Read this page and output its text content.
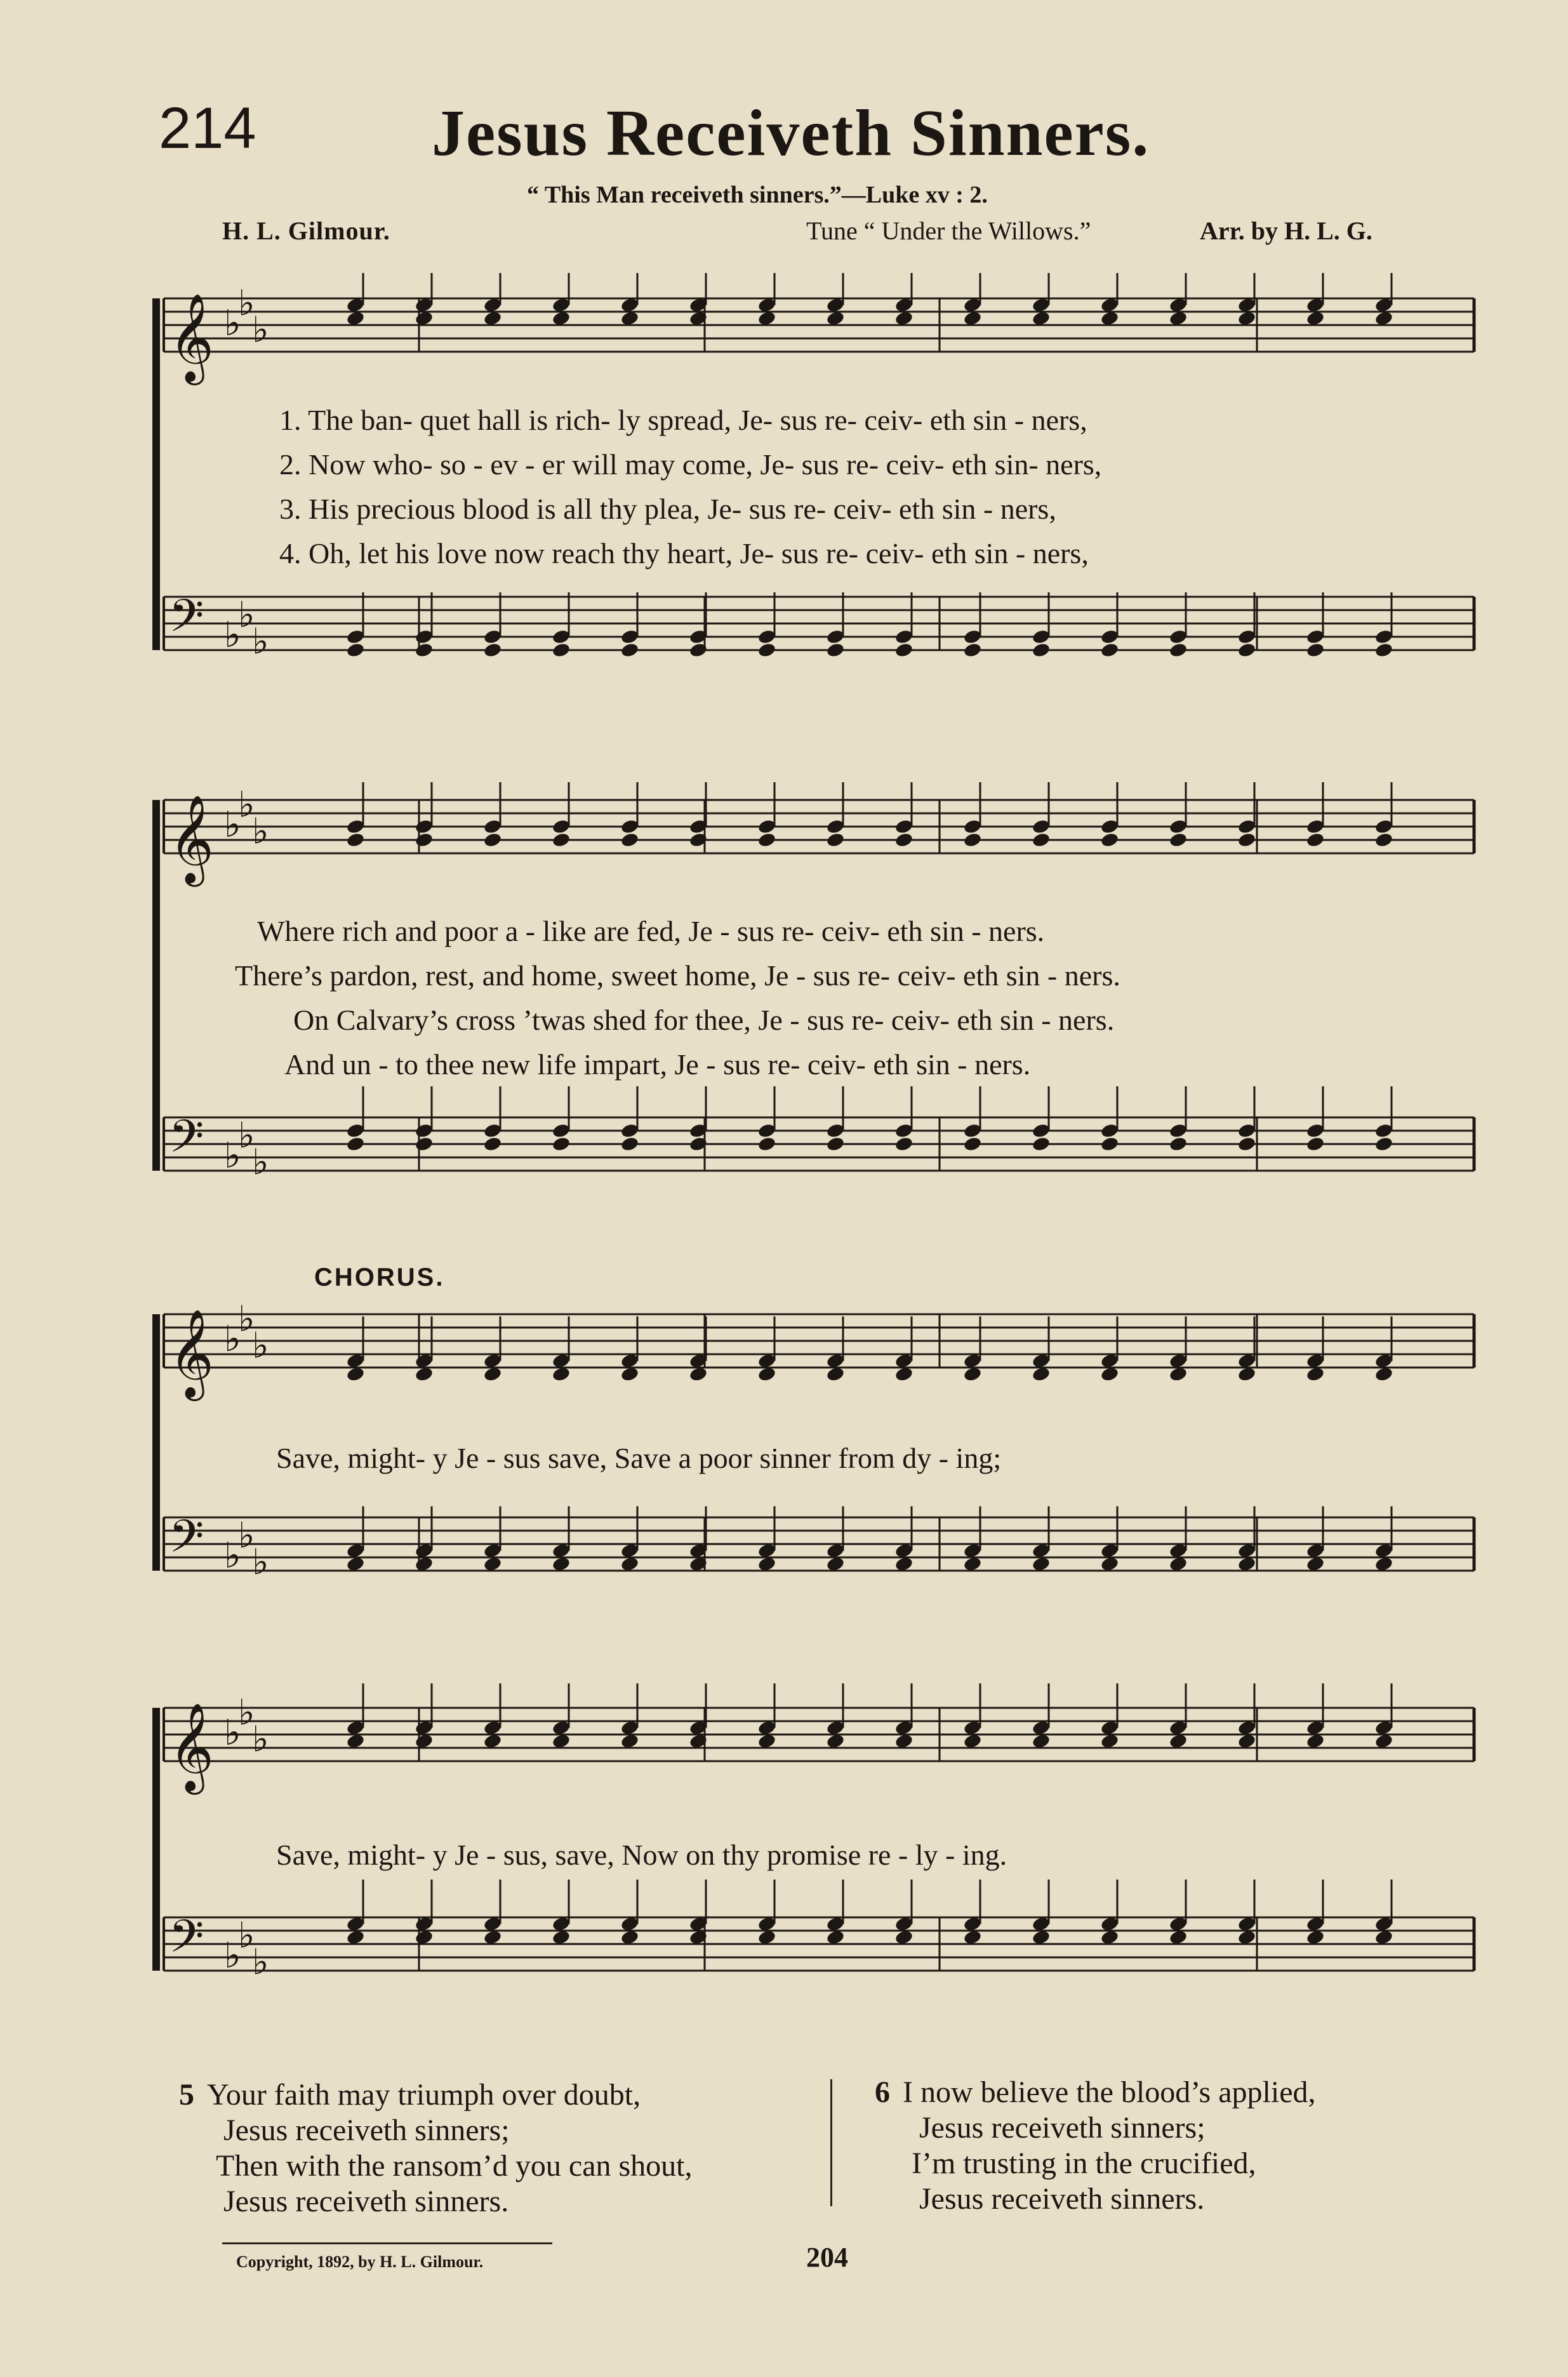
214	Jesus Receiveth Sinners.
“ This Man receiveth sinners.”—Luke xv : 2.
H. L. Gilmour.	Tune “ Under the Willows.”	Arr. by H. L. G.
𝄞 ♭
♭
♭
𝄢 ♭
♭
♭
1. The ban- quet hall is rich- ly spread, Je- sus re- ceiv- eth sin - ners,
2. Now who- so - ev - er will may come, Je- sus re- ceiv- eth sin- ners,
3. His precious blood is all thy plea, Je- sus re- ceiv- eth sin - ners,
4. Oh, let his love now reach thy heart, Je- sus re- ceiv- eth sin - ners,
𝄞 ♭
♭
♭
𝄢 ♭
♭
♭
Where rich and poor a - like are fed, Je - sus re- ceiv- eth sin - ners.
There’s pardon, rest, and home, sweet home, Je - sus re- ceiv- eth sin - ners.
On Calvary’s cross ’twas shed for thee, Je - sus re- ceiv- eth sin - ners.
And un - to thee new life impart, Je - sus re- ceiv- eth sin - ners.
CHORUS.
𝄞 ♭
♭
♭
𝄢 ♭
♭
♭
Save, might- y Je - sus save, Save a poor sinner from dy - ing;
𝄞 ♭
♭
♭
𝄢 ♭
♭
♭
Save, might- y Je - sus, save, Now on thy promise re - ly - ing.
5 Your faith may triumph over doubt,
Jesus receiveth sinners;
Then with the ransom’d you can shout,
Jesus receiveth sinners.
6 I now believe the blood’s applied,
Jesus receiveth sinners;
I’m trusting in the crucified,
Jesus receiveth sinners.
Copyright, 1892, by H. L. Gilmour.	204
